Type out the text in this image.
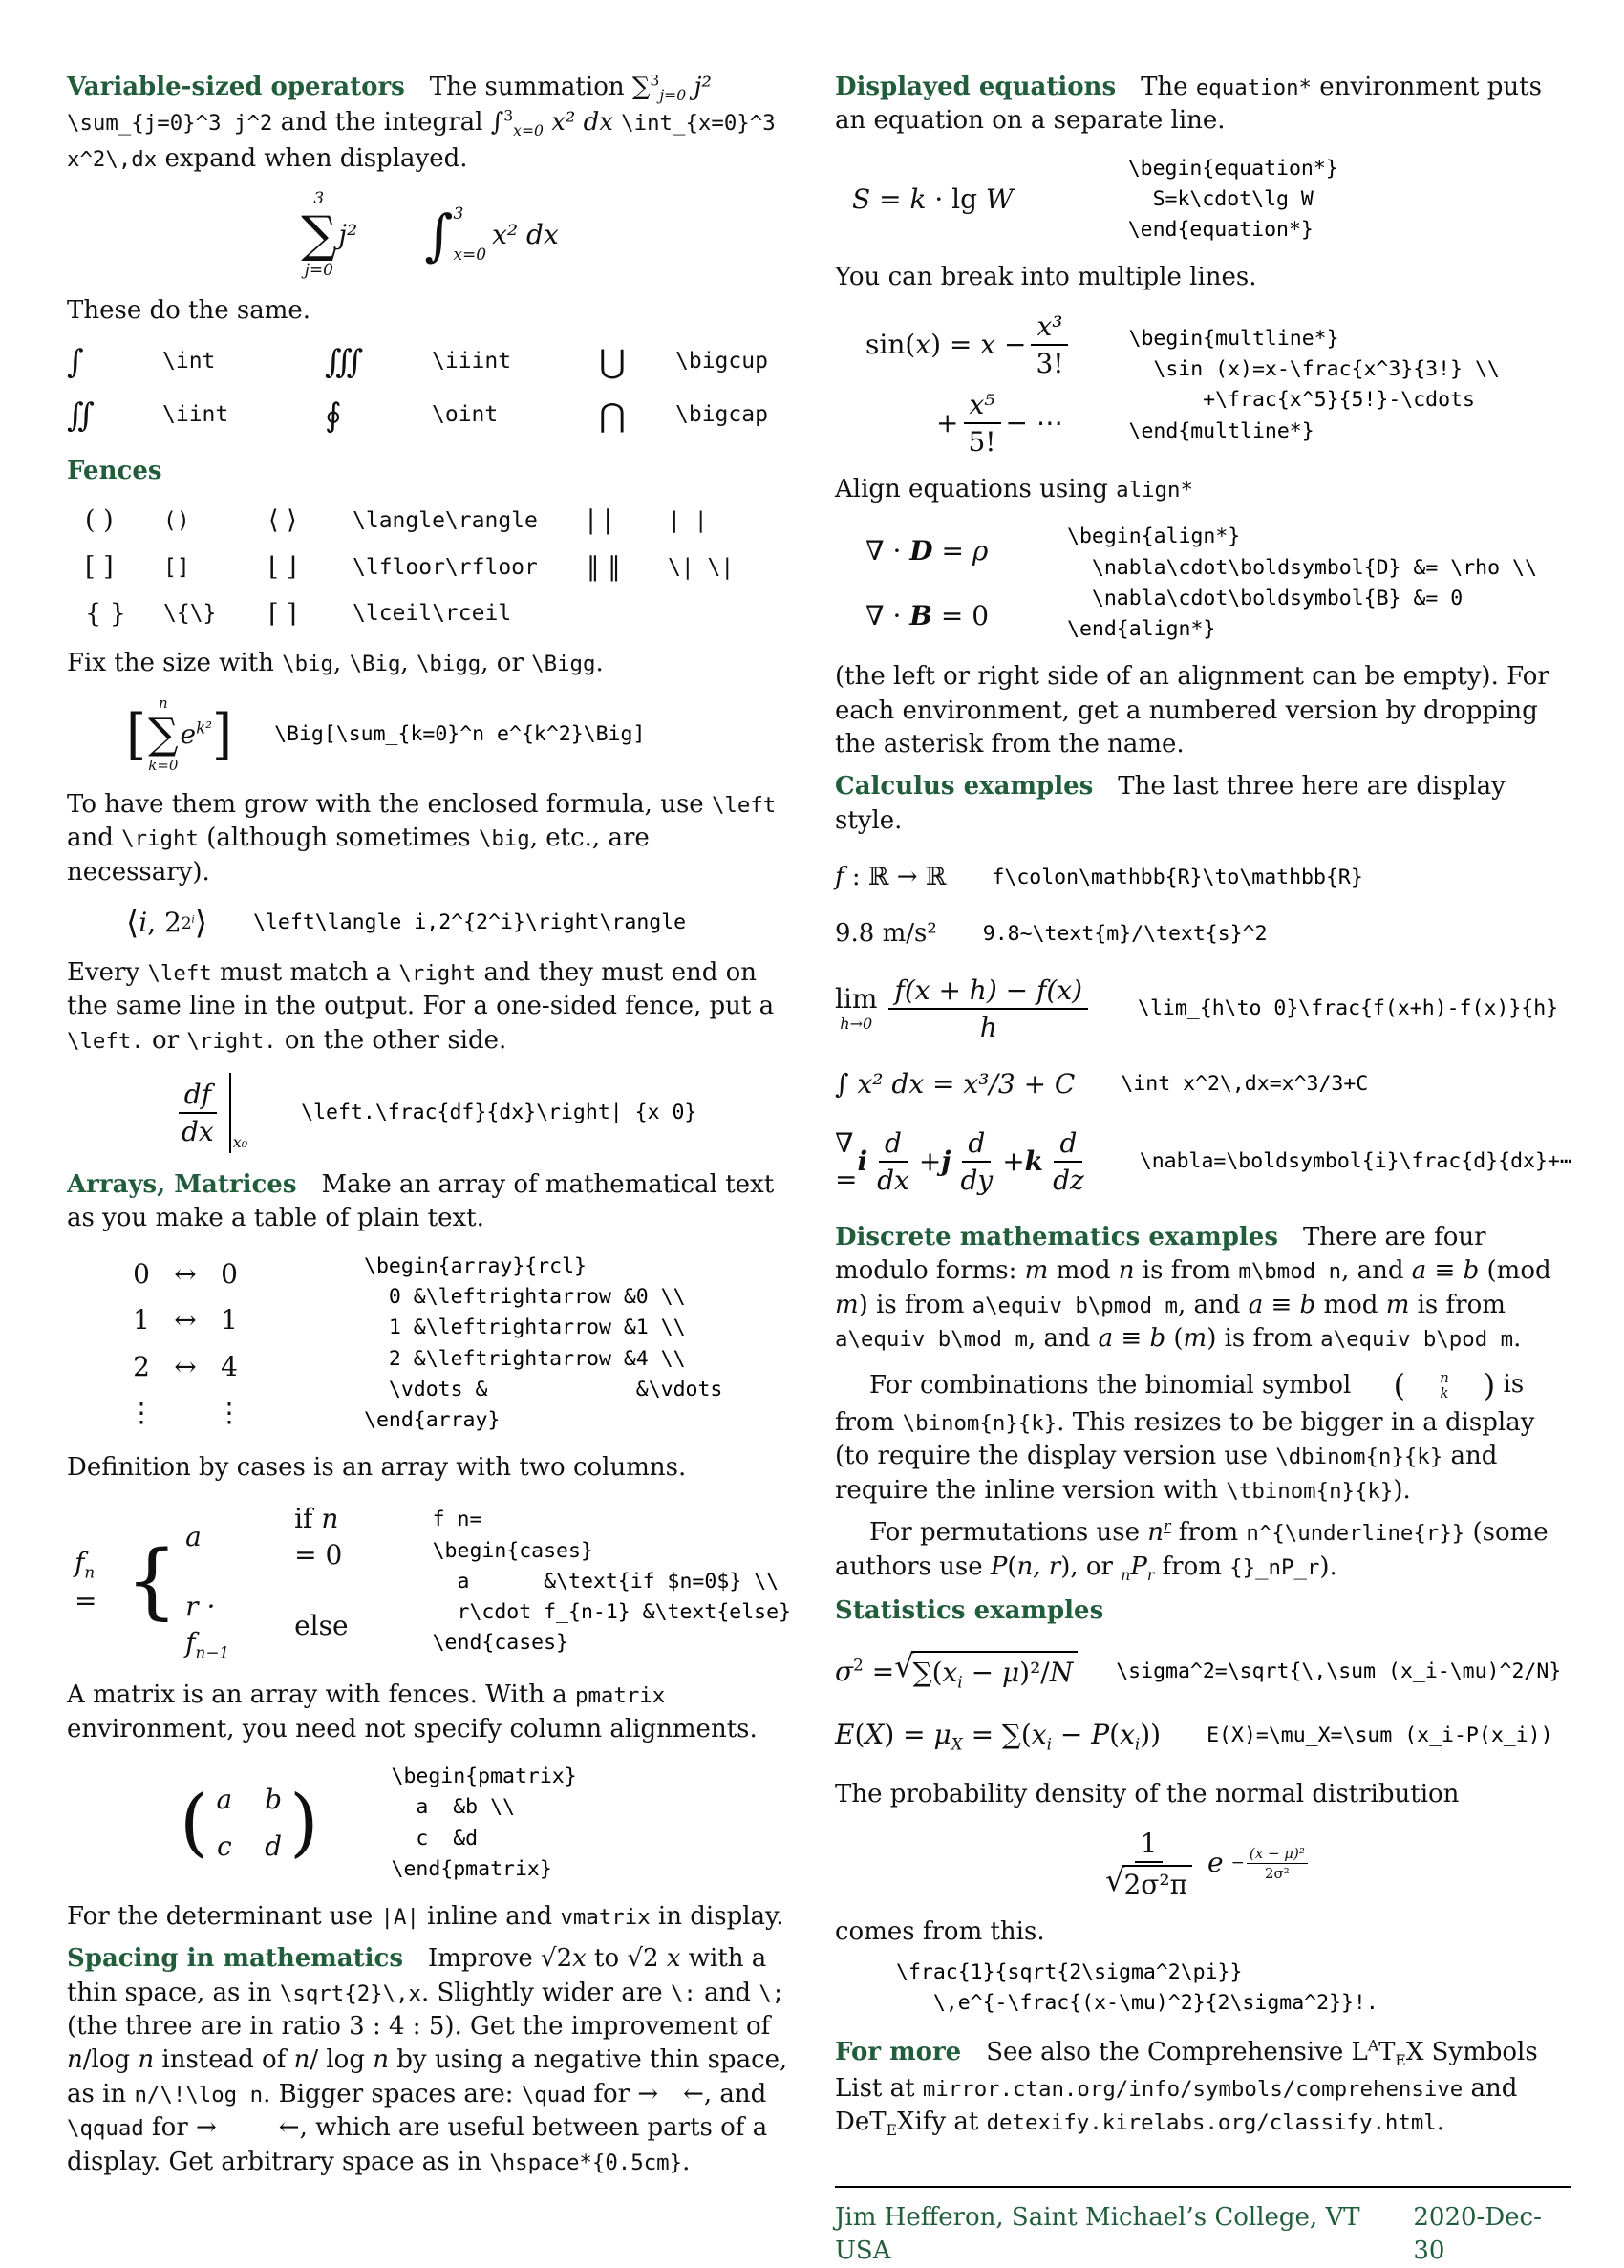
Variable-sized operators The summation ∑$^3_{j=0}$ j² \sum_{j=0}^3 j^2 and the integral ∫$^3_{x=0}$ x² dx \int_{x=0}^3 x^2\,dx expand when displayed.

3
∑
j=0
j² ∫ 3
x=0
x² dx

These do the same.

∫	\int	∭	\iiint	⋃	\bigcup
∬	\iint	∮	\oint	⋂	\bigcap

Fences

( )	()	⟨ ⟩	\langle\rangle	| |	| |
[ ]	[]	⌊ ⌋	\lfloor\rfloor	‖ ‖	\| \|
{ }	\{\}	⌈ ⌉	\lceil\rceil

Fix the size with \big, \Big, \bigg, or \Bigg.

[ n
∑
k=0
$e^{k^2}$ ] \Big[\sum_{k=0}^n e^{k^2}\Big]

To have them grow with the enclosed formula, use \left and \right (although sometimes \big, etc., are necessary).

⟨ i , 2 2$^i$ ⟩ \left\langle i,2^{2^i}\right\rangle

Every \left must match a \right and they must end on the same line in the output. For a one-sided fence, put a \left. or \right. on the other side.

$\frac{df}{dx} _{x_0}$
\left.\frac{df}{dx}\right|_{x_0}

Arrays, Matrices Make an array of mathematical text as you make a table of plain text.

0 ↔ 0
1 ↔ 1
2 ↔ 4
⋮	⋮
\begin{array}{rcl}
0 &\leftrightarrow &0 \\
1 &\leftrightarrow &1 \\
2 &\leftrightarrow &4 \\
\vdots &            &\vdots
\end{array}

Definition by cases is an array with two columns.

$f_n$ = { a
if n = 0
$r \cdot f_{n-1}$
else
f_n=
\begin{cases}
a      &\text{if $n=0$} \\
r\cdot f_{n-1} &\text{else}
\end{cases}

A matrix is an array with fences. With a pmatrix environment, you need not specify column alignments.

( a b
c d )
\begin{pmatrix}
a  &b \\
c  &d
\end{pmatrix}

For the determinant use |A| inline and vmatrix in display.

Spacing in mathematics Improve √2x to √2 x with a thin space, as in \sqrt{2}\,x. Slightly wider are \: and \; (the three are in ratio 3 : 4 : 5). Get the improvement of n/log n instead of n/ log n by using a negative thin space, as in n/\!\log n. Bigger spaces are: \quad for → ←, and \qquad for →   ←, which are useful between parts of a display. Get arbitrary space as in \hspace*{0.5cm}.

Displayed equations The equation* environment puts an equation on a separate line.

S = k · lg W
\begin{equation*}
S=k\cdot\lg W
\end{equation*}

You can break into multiple lines.

$\sin(x) = x - \frac{\text{x³}}{3!}$
+ $\frac{\text{x⁵}}{5!}$ − ⋯
\begin{multline*}
\sin (x)=x-\frac{x^3}{3!} \\
+\frac{x^5}{5!}-\cdots
\end{multline*}

Align equations using align*

∇ · D = ρ
∇ · B = 0
\begin{align*}
\nabla\cdot\boldsymbol{D} &= \rho \\
\nabla\cdot\boldsymbol{B} &= 0
\end{align*}

(the left or right side of an alignment can be empty). For each environment, get a numbered version by dropping the asterisk from the name.

Calculus examples The last three here are display style.

f : ℝ → ℝ f\colon\mathbb{R}\to\mathbb{R}
9.8 m/s² 9.8~\text{m}/\text{s}^2
lim
$h\to 0 \frac{f(x + h) - f(x)}{h}$ \lim_{h\to 0}\frac{f(x+h)-f(x)}{h}
∫ x² dx = x³/3 + C \int x^2\,dx=x^3/3+C
∇ =
i $\frac{d}{dx} + j \frac{d}{dy} + k \frac{d}{dz}$ \nabla=\boldsymbol{i}\frac{d}{dx}+⋯

Discrete mathematics examples There are four modulo forms: m mod n is from m\bmod n, and a ≡ b (mod m) is from a\equiv b\pmod m, and a ≡ b mod m is from a\equiv b\mod m, and a ≡ b (m) is from a\equiv b\pod m.

For combinations the binomial symbol	(	n
k	) is from \binom{n}{k}. This resizes to be bigger in a display (to require the display version use \dbinom{n}{k} and require the inline version with \tbinom{n}{k}).

For permutations use $n^r$ from n^{\underline{r}} (some authors use P(n, r), or $_nP_r$ from {}_nP_r).

Statistics examples

$\sigma^2$ = √ $\sum(x_i - \mu)^2/N$ \sigma^2=\sqrt{\,\sum (x_i-\mu)^2/N}
$E(X) = \mu_X = \sum(x_i - P(x_i))$ E(X)=\mu_X=\sum (x_i-P(x_i))

The probability density of the normal distribution

$\frac{1}{\text{√ 2σ²π}}$ $e - \frac{\text{(x − μ)²}}{\text{2σ²}}$

comes from this.

\frac{1}{sqrt{2\sigma^2\pi}}
\,e^{-\frac{(x-\mu)^2}{2\sigma^2}}!.

For more See also the Comprehensive $L^AT_EX$ Symbols List at mirror.ctan.org/info/symbols/comprehensive and DeT$_E$Xify at detexify.kirelabs.org/classify.html.

Jim Hefferon, Saint Michael’s College, VT USA
2020-Dec-30
